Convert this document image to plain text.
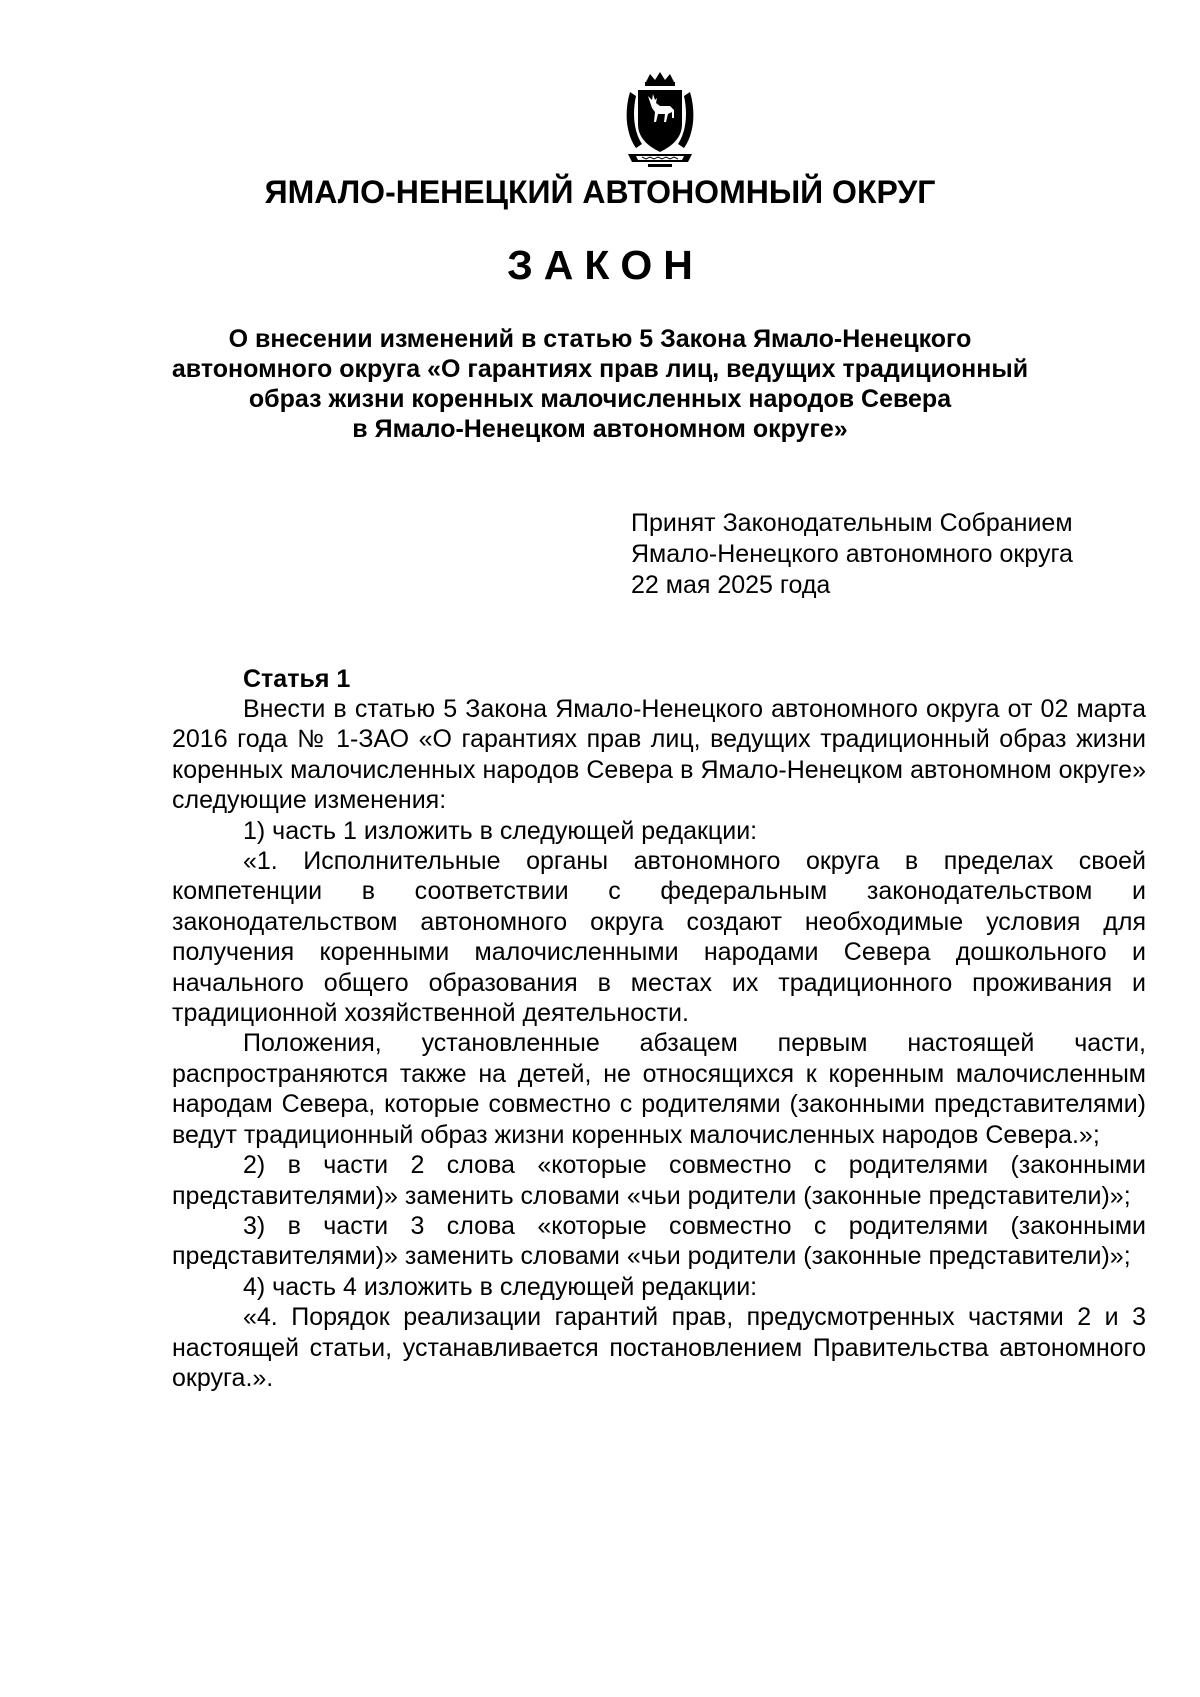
ЯМАЛО-НЕНЕЦКИЙ АВТОНОМНЫЙ ОКРУГ
ЗАКОН
О внесении изменений в статью 5 Закона Ямало-Ненецкого
автономного округа «О гарантиях прав лиц, ведущих традиционный
образ жизни коренных малочисленных народов Севера
в Ямало-Ненецком автономном округе»
Принят Законодательным Собранием
Ямало-Ненецкого автономного округа
22 мая 2025 года
Статья 1

Внести в статью 5 Закона Ямало-Ненецкого автономного округа от 02 марта 2016 года № 1-ЗАО «О гарантиях прав лиц, ведущих традиционный образ жизни коренных малочисленных народов Севера в Ямало-Ненецком автономном округе» следующие изменения:

1) часть 1 изложить в следующей редакции:

«1. Исполнительные органы автономного округа в пределах своей компетенции в соответствии с федеральным законодательством и законодательством автономного округа создают необходимые условия для получения коренными малочисленными народами Севера дошкольного и начального общего образования в местах их традиционного проживания и традиционной хозяйственной деятельности.

Положения, установленные абзацем первым настоящей части, распространяются также на детей, не относящихся к коренным малочисленным народам Севера, которые совместно с родителями (законными представителями) ведут традиционный образ жизни коренных малочисленных народов Севера.»;

2) в части 2 слова «которые совместно с родителями (законными представителями)» заменить словами «чьи родители (законные представители)»;

3) в части 3 слова «которые совместно с родителями (законными представителями)» заменить словами «чьи родители (законные представители)»;

4) часть 4 изложить в следующей редакции:

«4. Порядок реализации гарантий прав, предусмотренных частями 2 и 3 настоящей статьи, устанавливается постановлением Правительства автономного округа.».
